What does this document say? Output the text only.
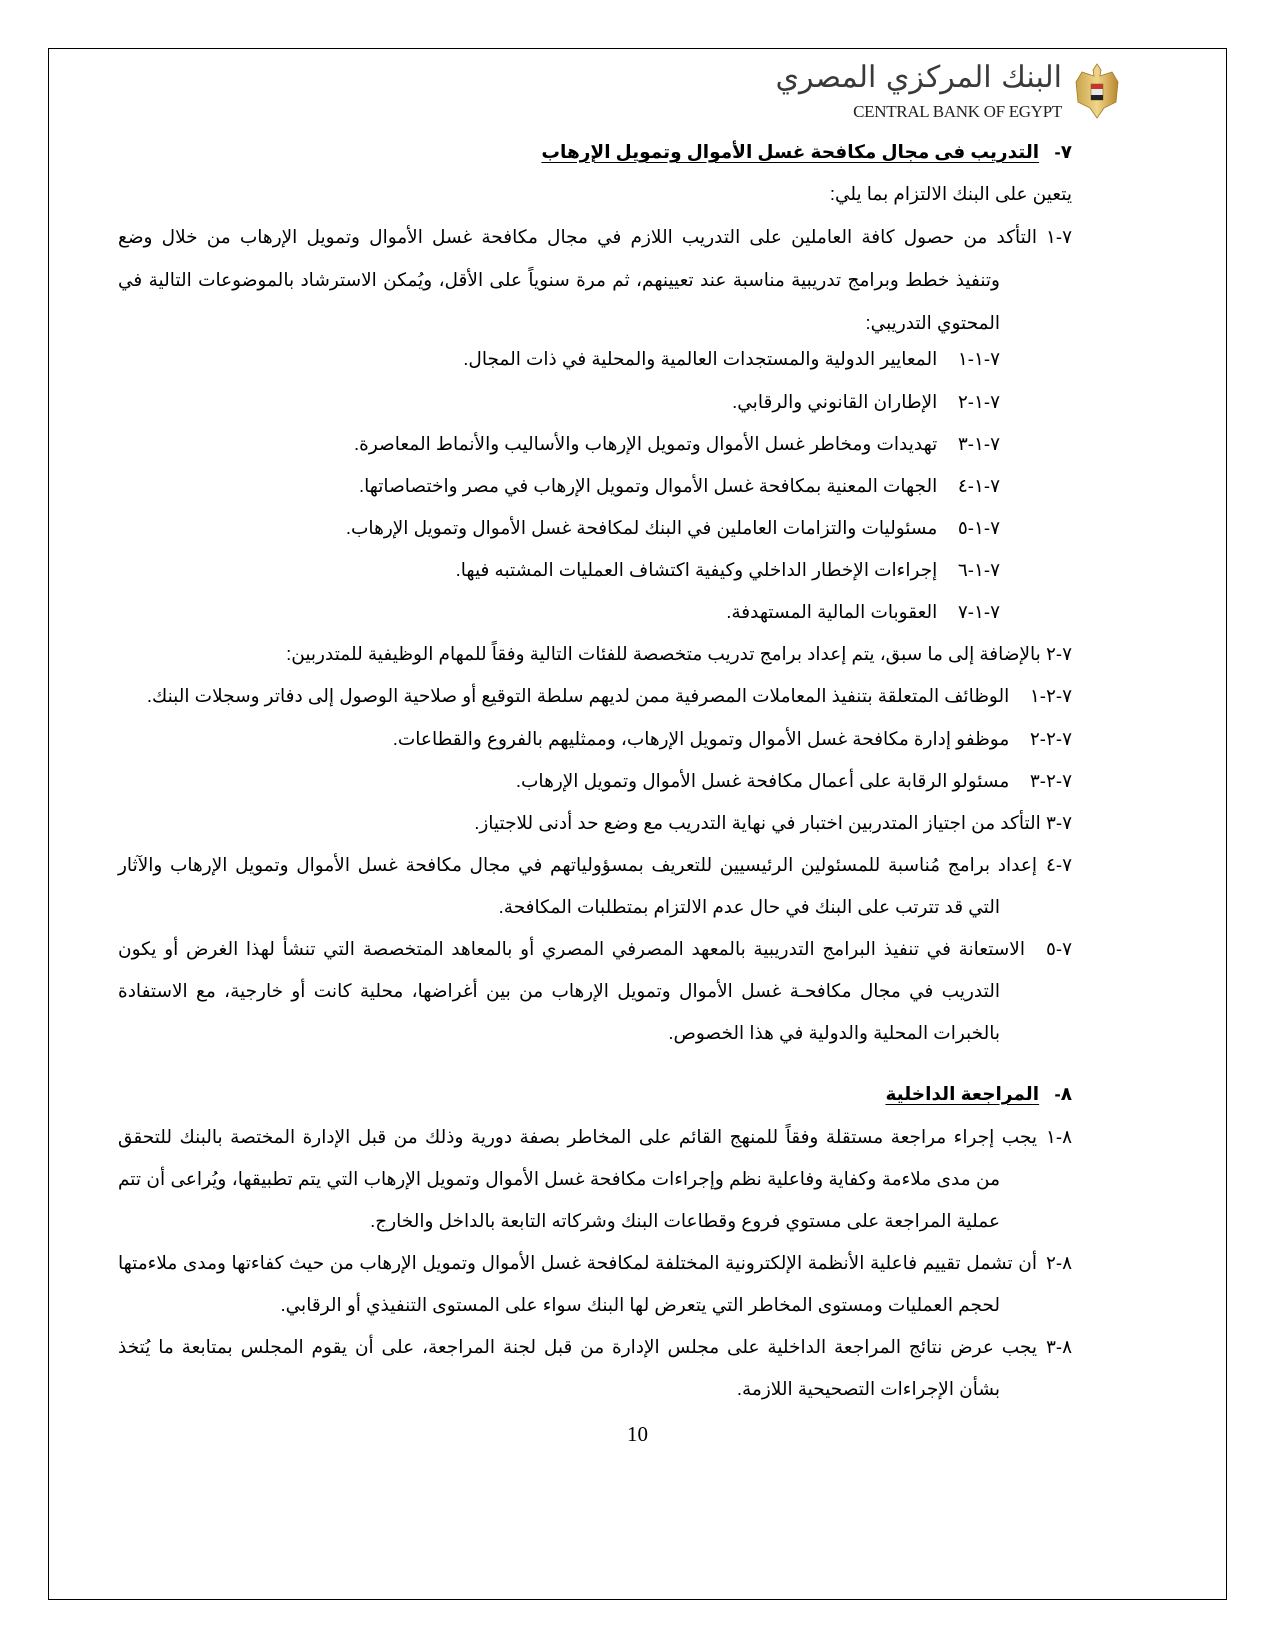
البنك المركزي المصري
CENTRAL BANK OF EGYPT
٧-   التدريب فى مجال مكافحة غسل الأموال وتمويل الإرهاب
يتعين على البنك الالتزام بما يلي:
٧-١
التأكد من حصول كافة العاملين على التدريب اللازم في مجال مكافحة غسل الأموال وتمويل الإرهاب من خلال وضع
وتنفيذ خطط وبرامج تدريبية مناسبة عند تعيينهم، ثم مرة سنوياً على الأقل، ويُمكن الاسترشاد بالموضوعات التالية في
المحتوي التدريبي:
٧-١-١    المعايير الدولية والمستجدات العالمية والمحلية في ذات المجال.
٧-١-٢    الإطاران القانوني والرقابي.
٧-١-٣    تهديدات ومخاطر غسل الأموال وتمويل الإرهاب والأساليب والأنماط المعاصرة.
٧-١-٤    الجهات المعنية بمكافحة غسل الأموال وتمويل الإرهاب في مصر واختصاصاتها.
٧-١-٥    مسئوليات والتزامات العاملين في البنك لمكافحة غسل الأموال وتمويل الإرهاب.
٧-١-٦    إجراءات الإخطار الداخلي وكيفية اكتشاف العمليات المشتبه فيها.
٧-١-٧    العقوبات المالية المستهدفة.
٧-٢ بالإضافة إلى ما سبق، يتم إعداد برامج تدريب متخصصة للفئات التالية وفقاً للمهام الوظيفية للمتدربين:
٧-٢-١    الوظائف المتعلقة بتنفيذ المعاملات المصرفية ممن لديهم سلطة التوقيع أو صلاحية الوصول إلى دفاتر وسجلات البنك.
٧-٢-٢    موظفو إدارة مكافحة غسل الأموال وتمويل الإرهاب، وممثليهم بالفروع والقطاعات.
٧-٢-٣    مسئولو الرقابة على أعمال مكافحة غسل الأموال وتمويل الإرهاب.
٧-٣ التأكد من اجتياز المتدربين اختبار في نهاية التدريب مع وضع حد أدنى للاجتياز.
٧-٤
إعداد برامج مُناسبة للمسئولين الرئيسيين للتعريف بمسؤولياتهم في مجال مكافحة غسل الأموال وتمويل الإرهاب والآثار
التي قد تترتب على البنك في حال عدم الالتزام بمتطلبات المكافحة.
٧-٥
الاستعانة في تنفيذ البرامج التدريبية بالمعهد المصرفي المصري أو بالمعاهد المتخصصة التي تنشأ لهذا الغرض أو يكون
التدريب في مجال مكافحـة غسل الأموال وتمويل الإرهاب من بين أغراضها، محلية كانت أو خارجية، مع الاستفادة
بالخبرات المحلية والدولية في هذا الخصوص.
٨-   المراجعة الداخلية
٨-١
يجب إجراء مراجعة مستقلة وفقاً للمنهج القائم على المخاطر بصفة دورية وذلك من قبل الإدارة المختصة بالبنك للتحقق
من مدى ملاءمة وكفاية وفاعلية نظم وإجراءات مكافحة غسل الأموال وتمويل الإرهاب التي يتم تطبيقها، ويُراعى أن تتم
عملية المراجعة على مستوي فروع وقطاعات البنك وشركاته التابعة بالداخل والخارج.
٨-٢
أن تشمل تقييم فاعلية الأنظمة الإلكترونية المختلفة لمكافحة غسل الأموال وتمويل الإرهاب من حيث كفاءتها ومدى ملاءمتها
لحجم العمليات ومستوى المخاطر التي يتعرض لها البنك سواء على المستوى التنفيذي أو الرقابي.
٨-٣
يجب عرض نتائج المراجعة الداخلية على مجلس الإدارة من قبل لجنة المراجعة، على أن يقوم المجلس بمتابعة ما يُتخذ
بشأن الإجراءات التصحيحية اللازمة.
10
